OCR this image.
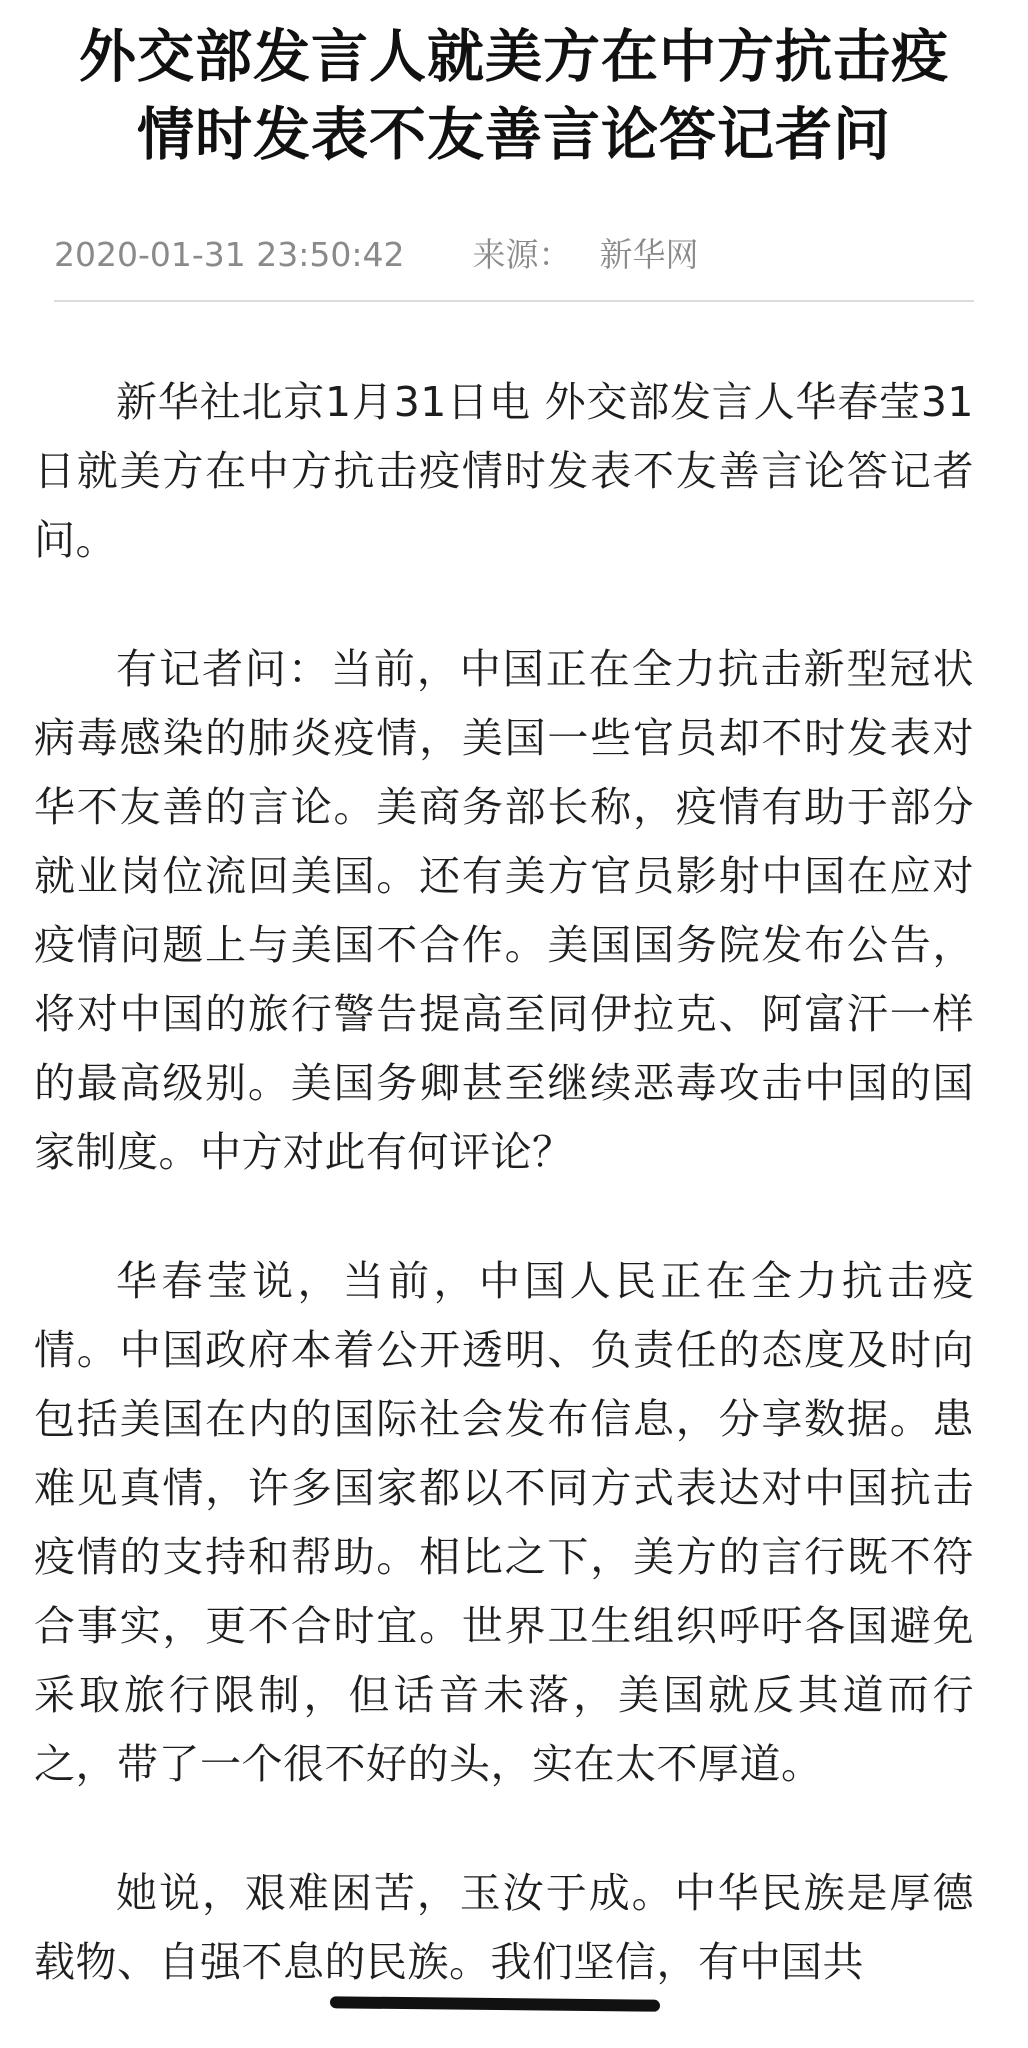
外交部发言人就美方在中方抗击疫
情时发表不友善言论答记者问
2020-01-31 23:50:42 来源： 新华网

新华社北京1月31日电 外交部发言人华春莹31日就美方在中方抗击疫情时发表不友善言论答记者问。

有记者问：当前，中国正在全力抗击新型冠状病毒感染的肺炎疫情，美国一些官员却不时发表对华不友善的言论。美商务部长称，疫情有助于部分就业岗位流回美国。还有美方官员影射中国在应对疫情问题上与美国不合作。美国国务院发布公告，将对中国的旅行警告提高至同伊拉克、阿富汗一样的最高级别。美国务卿甚至继续恶毒攻击中国的国家制度。中方对此有何评论？

华春莹说，当前，中国人民正在全力抗击疫情。中国政府本着公开透明、负责任的态度及时向包括美国在内的国际社会发布信息，分享数据。患难见真情，许多国家都以不同方式表达对中国抗击疫情的支持和帮助。相比之下，美方的言行既不符合事实，更不合时宜。世界卫生组织呼吁各国避免采取旅行限制，但话音未落，美国就反其道而行之，带了一个很不好的头，实在太不厚道。

她说，艰难困苦，玉汝于成。中华民族是厚德载物、自强不息的民族。我们坚信，有中国共
